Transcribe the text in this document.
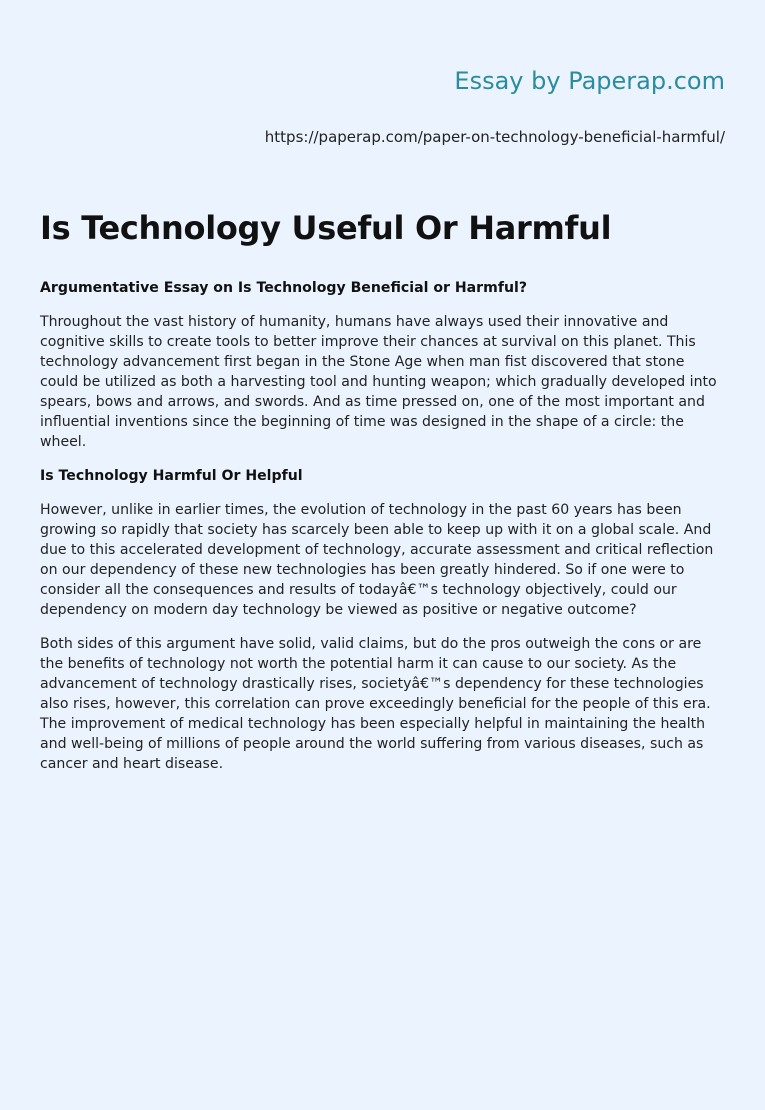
Essay by Paperap.com
https://paperap.com/paper-on-technology-beneficial-harmful/
Is Technology Useful Or Harmful

Argumentative Essay on Is Technology Beneficial or Harmful?

Throughout the vast history of humanity, humans have always used their innovative and cognitive skills to create tools to better improve their chances at survival on this planet. This technology advancement first began in the Stone Age when man fist discovered that stone could be utilized as both a harvesting tool and hunting weapon; which gradually developed into spears, bows and arrows, and swords. And as time pressed on, one of the most important and influential inventions since the beginning of time was designed in the shape of a circle: the wheel.

Is Technology Harmful Or Helpful

However, unlike in earlier times, the evolution of technology in the past 60 years has been growing so rapidly that society has scarcely been able to keep up with it on a global scale. And due to this accelerated development of technology, accurate assessment and critical reflection on our dependency of these new technologies has been greatly hindered. So if one were to consider all the consequences and results of todayâ€™s technology objectively, could our dependency on modern day technology be viewed as positive or negative outcome?

Both sides of this argument have solid, valid claims, but do the pros outweigh the cons or are the benefits of technology not worth the potential harm it can cause to our society. As the advancement of technology drastically rises, societyâ€™s dependency for these technologies also rises, however, this correlation can prove exceedingly beneficial for the people of this era. The improvement of medical technology has been especially helpful in maintaining the health and well-being of millions of people around the world suffering from various diseases, such as cancer and heart disease.
